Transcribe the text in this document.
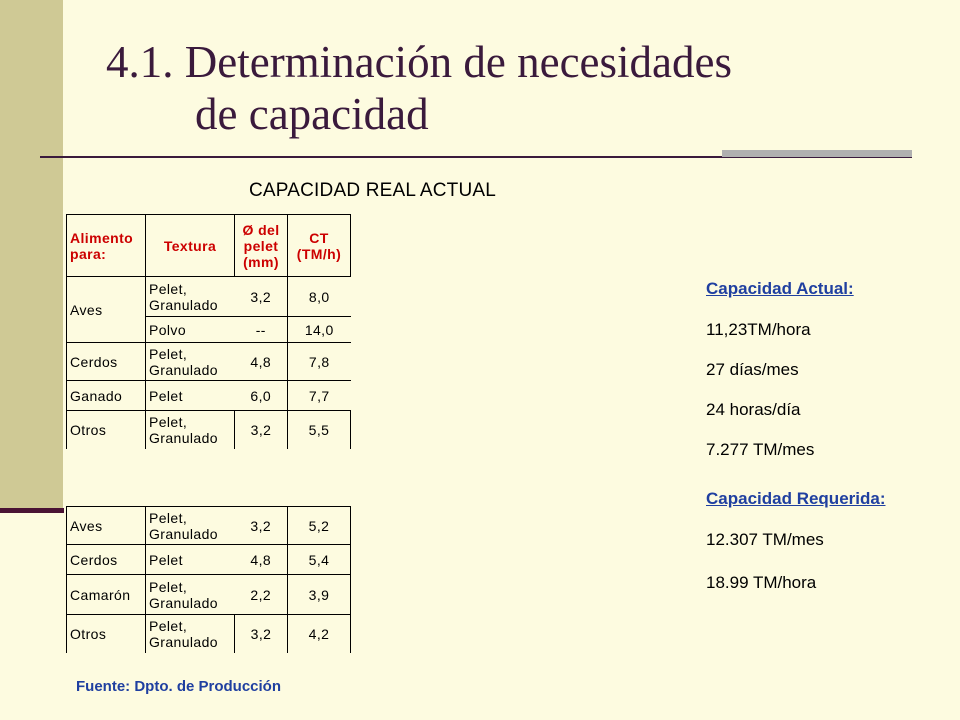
4.1. Determinación de necesidades
de capacidad
CAPACIDAD REAL ACTUAL
Alimento para:	Textura	Ø del pelet (mm)	CT (TM/h)
Aves	Pelet, Granulado	3,2	8,0
	Polvo	--	14,0
Cerdos	Pelet, Granulado	4,8	7,8
Ganado	Pelet	6,0	7,7
Otros	Pelet, Granulado	3,2	5,5
Aves	Pelet, Granulado	3,2	5,2
Cerdos	Pelet	4,8	5,4
Camarón	Pelet, Granulado	2,2	3,9
Otros	Pelet, Granulado	3,2	4,2
Capacidad Actual:
11,23TM/hora
27 días/mes
24 horas/día
7.277 TM/mes
Capacidad Requerida:
12.307 TM/mes
18.99 TM/hora
Fuente: Dpto. de Producción
